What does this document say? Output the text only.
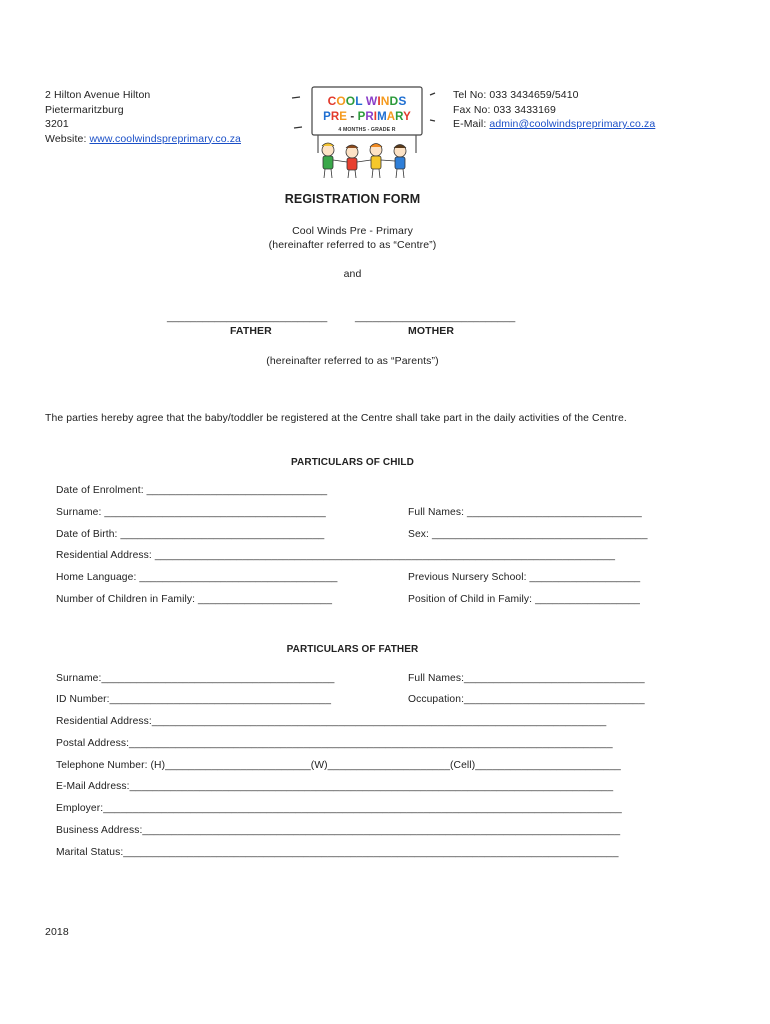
2 Hilton Avenue Hilton
Pietermaritzburg
3201
Website: www.coolwindspreprimary.co.za
COOL WINDS
PRE - PRIMARY
4 MONTHS - GRADE R
Tel No: 033 3434659/5410
Fax No: 033 3433169
E-Mail: admin@coolwindspreprimary.co.za
REGISTRATION FORM
Cool Winds Pre - Primary
(hereinafter referred to as “Centre”)
and
___________________________	___________________________
FATHER	MOTHER
(hereinafter referred to as “Parents”)
The parties hereby agree that the baby/toddler be registered at the Centre shall take part in the daily activities of the Centre.
PARTICULARS OF CHILD
Date of Enrolment: _______________________________
Surname: ______________________________________	Full Names: ______________________________
Date of Birth: ___________________________________	Sex: _____________________________________
Residential Address: _______________________________________________________________________________
Home Language: __________________________________	Previous Nursery School: ___________________
Number of Children in Family: _______________________	Position of Child in Family: __________________
PARTICULARS OF FATHER
Surname:________________________________________	Full Names:_______________________________
ID Number:______________________________________	Occupation:_______________________________
Residential Address:______________________________________________________________________________
Postal Address:___________________________________________________________________________________
Telephone Number: (H)_________________________(W)_____________________(Cell)_________________________
E-Mail Address:___________________________________________________________________________________
Employer:_________________________________________________________________________________________
Business Address:__________________________________________________________________________________
Marital Status:_____________________________________________________________________________________
2018
